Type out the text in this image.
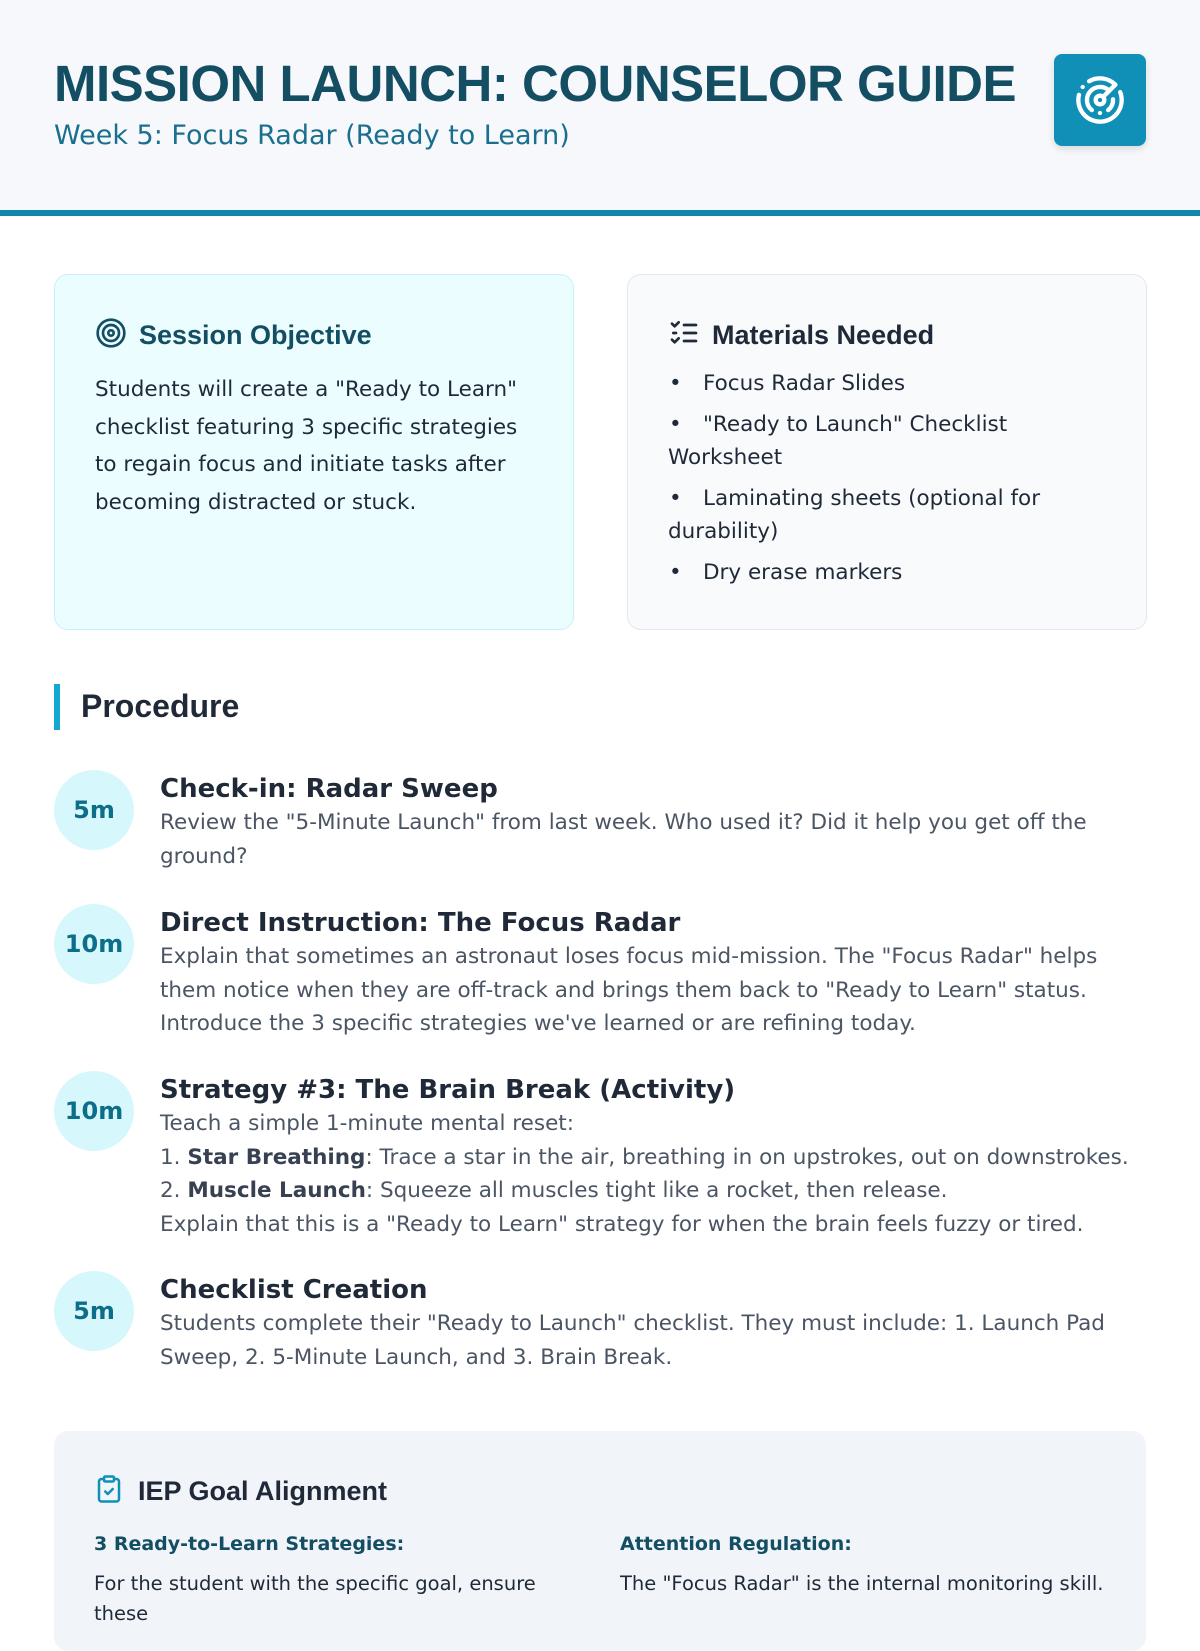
MISSION LAUNCH: COUNSELOR GUIDE
Week 5: Focus Radar (Ready to Learn)
Session Objective

Students will create a "Ready to Learn" checklist featuring 3 specific strategies to regain focus and initiate tasks after becoming distracted or stuck.

Materials Needed
• Focus Radar Slides
• "Ready to Launch" Checklist Worksheet
• Laminating sheets (optional for durability)
• Dry erase markers
Procedure
5m
Check-in: Radar Sweep
Review the "5-Minute Launch" from last week. Who used it? Did it help you get off the ground?
10m
Direct Instruction: The Focus Radar
Explain that sometimes an astronaut loses focus mid-mission. The "Focus Radar" helps them notice when they are off-track and brings them back to "Ready to Learn" status. Introduce the 3 specific strategies we've learned or are refining today.
10m
Strategy #3: The Brain Break (Activity)
Teach a simple 1-minute mental reset:
1. Star Breathing: Trace a star in the air, breathing in on upstrokes, out on downstrokes.
2. Muscle Launch: Squeeze all muscles tight like a rocket, then release.
Explain that this is a "Ready to Learn" strategy for when the brain feels fuzzy or tired.
5m
Checklist Creation
Students complete their "Ready to Launch" checklist. They must include: 1. Launch Pad Sweep, 2. 5-Minute Launch, and 3. Brain Break.
IEP Goal Alignment
3 Ready-to-Learn Strategies:
For the student with the specific goal, ensure these
Attention Regulation:
The "Focus Radar" is the internal monitoring skill.
